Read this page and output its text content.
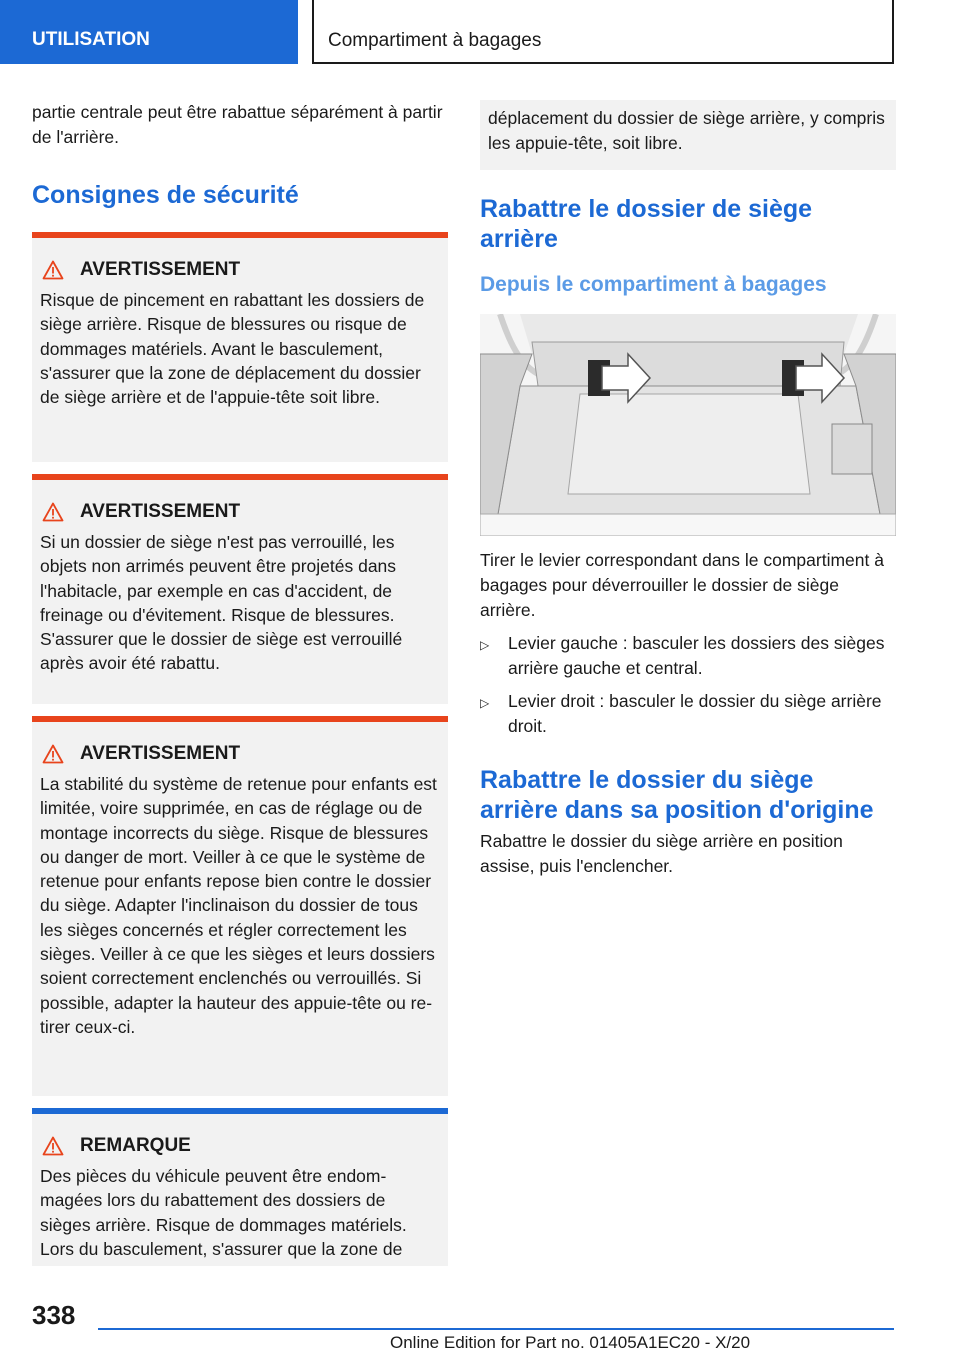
UTILISATION	Compartiment à bagages

partie centrale peut être rabattue séparément à partir de l'arrière.

Consignes de sécurité
AVERTISSEMENT

Risque de pincement en rabattant les dossiers de siège arrière. Risque de blessures ou risque de dommages matériels. Avant le basculement, s'assurer que la zone de déplacement du dossier de siège arrière et de l'appuie-tête soit libre.

AVERTISSEMENT

Si un dossier de siège n'est pas verrouillé, les objets non arrimés peuvent être projetés dans l'habitacle, par exemple en cas d'accident, de freinage ou d'évitement. Risque de blessures. S'assurer que le dossier de siège est verrouillé après avoir été rabattu.

AVERTISSEMENT

La stabilité du système de retenue pour enfants est limitée, voire supprimée, en cas de réglage ou de montage incorrects du siège. Risque de blessures ou danger de mort. Veiller à ce que le système de retenue pour enfants repose bien contre le dossier du siège. Adapter l'inclinaison du dossier de tous les sièges concernés et régler correctement les sièges. Veiller à ce que les sièges et leurs dossiers soient correctement enclenchés ou verrouillés. Si possible, adapter la hauteur des appuie-tête ou retirer ceux-ci.

REMARQUE

Des pièces du véhicule peuvent être endommagées lors du rabattement des dossiers de sièges arrière. Risque de dommages matériels. Lors du basculement, s'assurer que la zone de

déplacement du dossier de siège arrière, y compris les appuie-tête, soit libre.

Rabattre le dossier de siège arrière
Depuis le compartiment à bagages

Tirer le levier correspondant dans le compartiment à bagages pour déverrouiller le dossier de siège arrière.

▷	Levier gauche : basculer les dossiers des sièges arrière gauche et central.
▷	Levier droit : basculer le dossier du siège arrière droit.
Rabattre le dossier du siège arrière dans sa position d'origine

Rabattre le dossier du siège arrière en position assise, puis l'enclencher.

338
Online Edition for Part no. 01405A1EC20 - X/20
